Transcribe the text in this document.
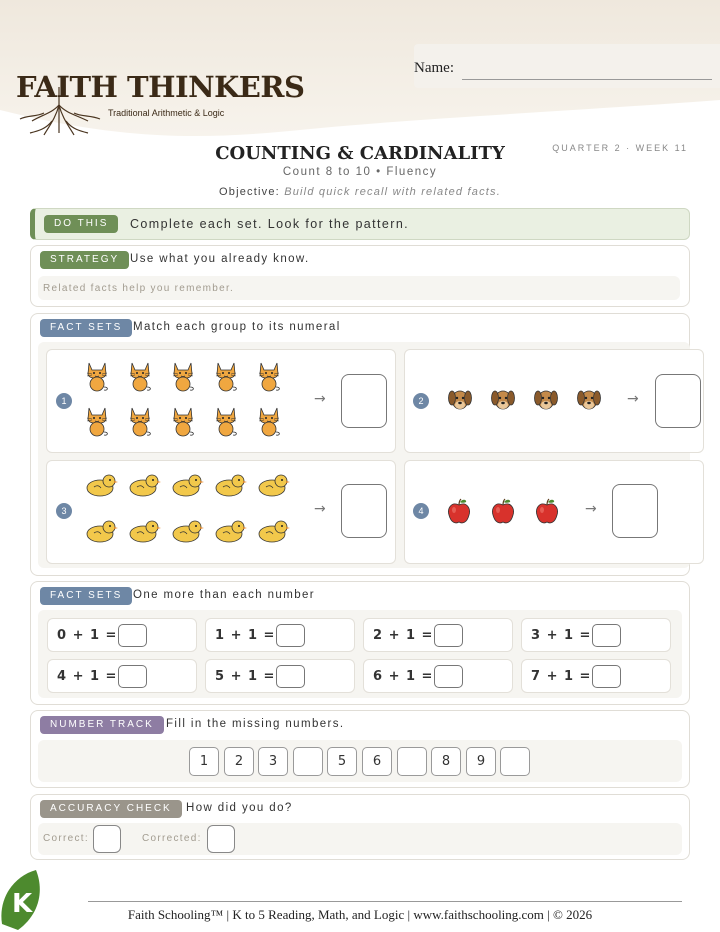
FAITH THINKERS
Traditional Arithmetic & Logic
Name:
COUNTING & CARDINALITY	QUARTER 2 · WEEK 11
Count 8 to 10 • Fluency
Objective: Build quick recall with related facts.
DO THIS	Complete each set. Look for the pattern.
STRATEGY Use what you already know.
Related facts help you remember.
FACT SETS Match each group to its numeral
1	→	2	→
3	→	4	→
FACT SETS One more than each number
0 + 1 =	1 + 1 =	2 + 1 =	3 + 1 =
4 + 1 =	5 + 1 =	6 + 1 =	7 + 1 =
NUMBER TRACK	Fill in the missing numbers.
1	2	3	5	6	8	9
ACCURACY CHECK	How did you do?
Correct:	Corrected:
K	Faith Schooling™ | K to 5 Reading, Math, and Logic | www.faithschooling.com | © 2026
